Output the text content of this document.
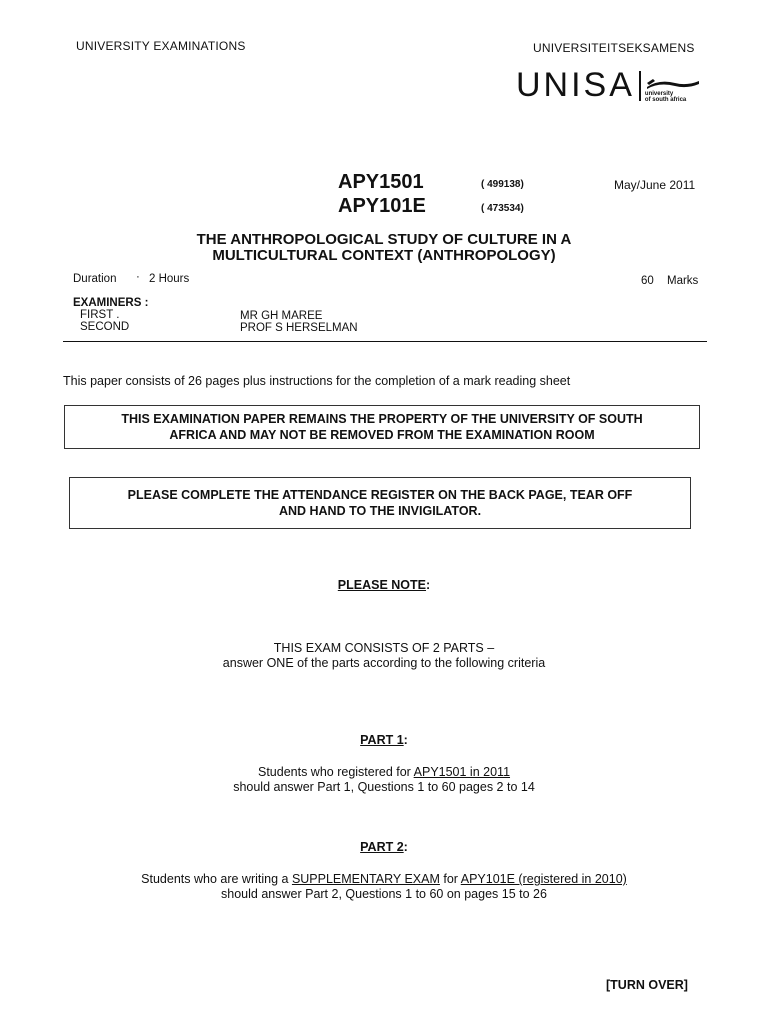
UNIVERSITY EXAMINATIONS	UNIVERSITEITSEKSAMENS
UNISA university
of south africa
APY1501	( 499138)
APY101E	( 473534)
May/June 2011
THE ANTHROPOLOGICAL STUDY OF CULTURE IN A
MULTICULTURAL CONTEXT (ANTHROPOLOGY)
Duration · 2 Hours	60 Marks
EXAMINERS :
FIRST .	MR GH MAREE
SECOND	PROF S HERSELMAN
This paper consists of 26 pages plus instructions for the completion of a mark reading sheet
THIS EXAMINATION PAPER REMAINS THE PROPERTY OF THE UNIVERSITY OF SOUTH
AFRICA AND MAY NOT BE REMOVED FROM THE EXAMINATION ROOM
PLEASE COMPLETE THE ATTENDANCE REGISTER ON THE BACK PAGE, TEAR OFF
AND HAND TO THE INVIGILATOR.
PLEASE NOTE:
THIS EXAM CONSISTS OF 2 PARTS –
answer ONE of the parts according to the following criteria
PART 1:
Students who registered for APY1501 in 2011
should answer Part 1, Questions 1 to 60 pages 2 to 14
PART 2:
Students who are writing a SUPPLEMENTARY EXAM for APY101E (registered in 2010)
should answer Part 2, Questions 1 to 60 on pages 15 to 26
[TURN OVER]
